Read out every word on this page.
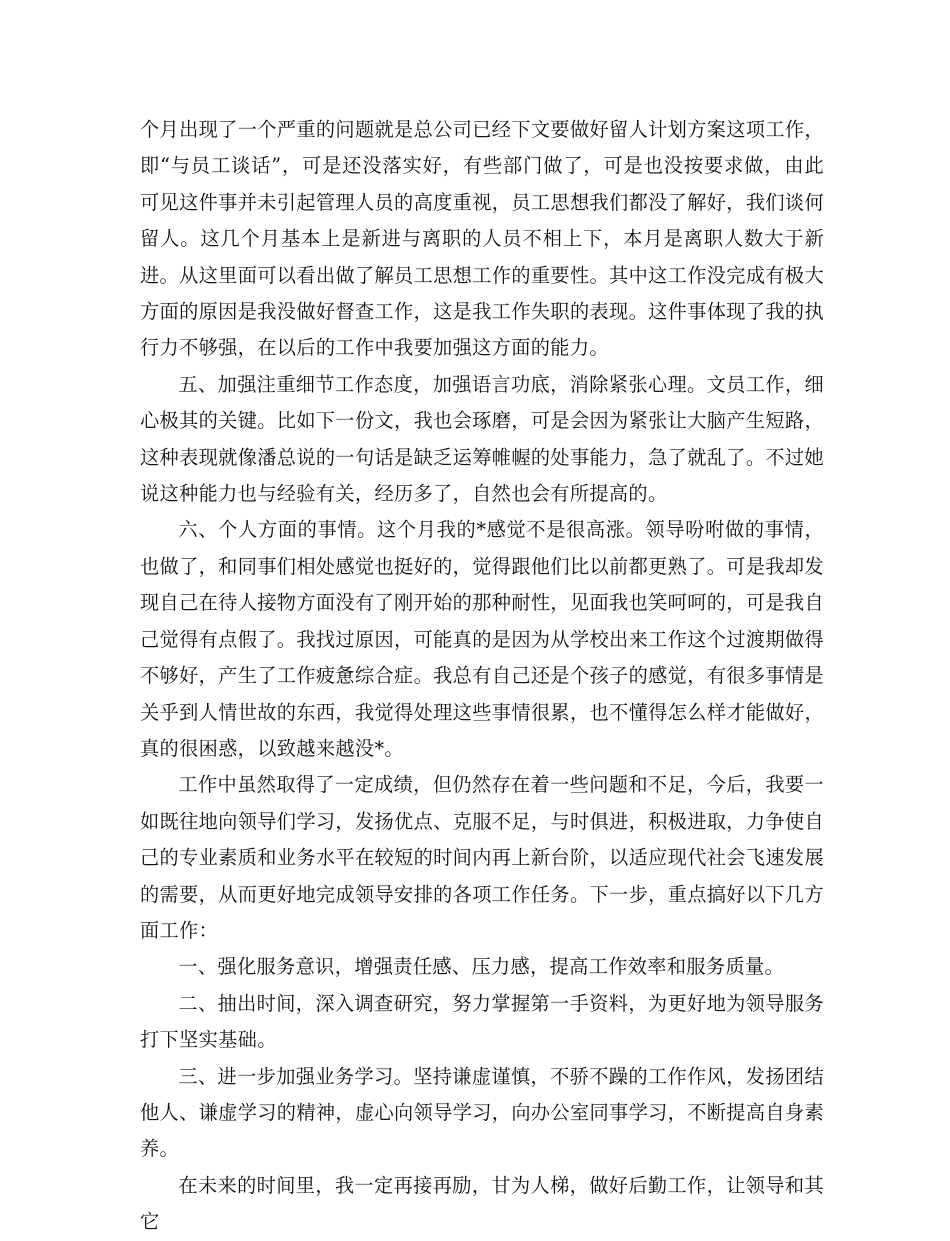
个月出现了一个严重的问题就是总公司已经下文要做好留人计划方案这项工作，即“与员工谈话”，可是还没落实好，有些部门做了，可是也没按要求做，由此可见这件事并未引起管理人员的高度重视，员工思想我们都没了解好，我们谈何留人。这几个月基本上是新进与离职的人员不相上下，本月是离职人数大于新进。从这里面可以看出做了解员工思想工作的重要性。其中这工作没完成有极大方面的原因是我没做好督查工作，这是我工作失职的表现。这件事体现了我的执行力不够强，在以后的工作中我要加强这方面的能力。

五、加强注重细节工作态度，加强语言功底，消除紧张心理。文员工作，细心极其的关键。比如下一份文，我也会琢磨，可是会因为紧张让大脑产生短路，这种表现就像潘总说的一句话是缺乏运筹帷幄的处事能力，急了就乱了。不过她说这种能力也与经验有关，经历多了，自然也会有所提高的。

六、个人方面的事情。这个月我的*感觉不是很高涨。领导吩咐做的事情，也做了，和同事们相处感觉也挺好的，觉得跟他们比以前都更熟了。可是我却发现自己在待人接物方面没有了刚开始的那种耐性，见面我也笑呵呵的，可是我自己觉得有点假了。我找过原因，可能真的是因为从学校出来工作这个过渡期做得不够好，产生了工作疲惫综合症。我总有自己还是个孩子的感觉，有很多事情是关乎到人情世故的东西，我觉得处理这些事情很累，也不懂得怎么样才能做好，真的很困惑，以致越来越没*。

工作中虽然取得了一定成绩，但仍然存在着一些问题和不足，今后，我要一如既往地向领导们学习，发扬优点、克服不足，与时俱进，积极进取，力争使自己的专业素质和业务水平在较短的时间内再上新台阶，以适应现代社会飞速发展的需要，从而更好地完成领导安排的各项工作任务。下一步，重点搞好以下几方面工作：

一、强化服务意识，增强责任感、压力感，提高工作效率和服务质量。

二、抽出时间，深入调查研究，努力掌握第一手资料，为更好地为领导服务打下坚实基础。

三、进一步加强业务学习。坚持谦虚谨慎，不骄不躁的工作作风，发扬团结他人、谦虚学习的精神，虚心向领导学习，向办公室同事学习，不断提高自身素养。

在未来的时间里，我一定再接再励，甘为人梯，做好后勤工作，让领导和其它
